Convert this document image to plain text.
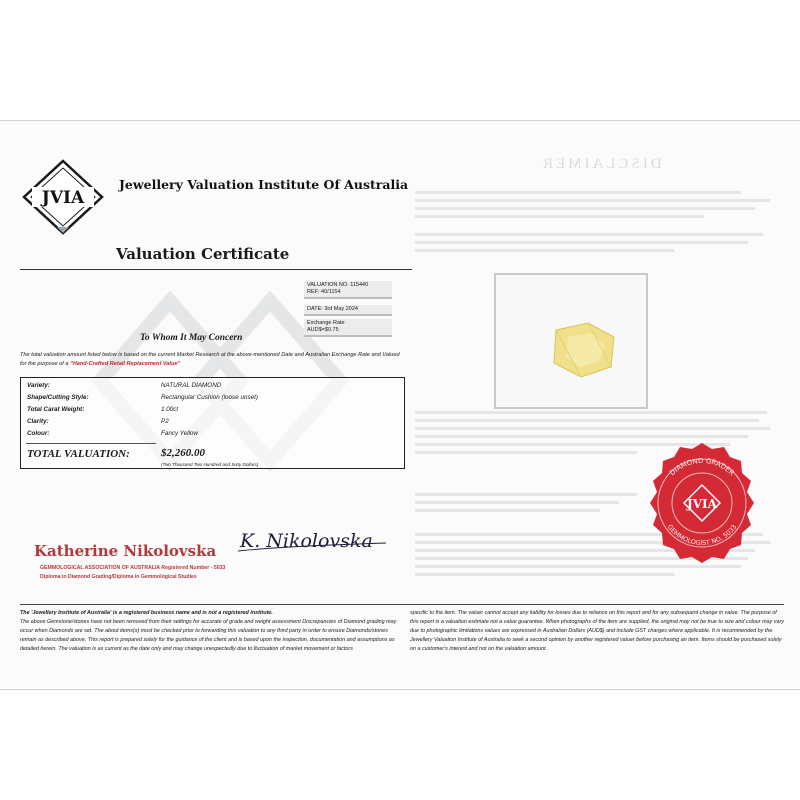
DISCLAIMER
JVIA
Jewellery Valuation Institute Of Australia
Valuation Certificate
VALUATION NO. 115440
REF: 40/1154
DATE: 3rd May 2024
Exchange Rate
AUD$=$0.75
To Whom It May Concern
The total valuation amount listed below is based on the current Market Research at the above-mentioned Date and Australian Exchange Rate and Valued for the purpose of a "Hand-Crafted Retail Replacement Value"
Variety:	NATURAL DIAMOND
Shape/Cutting Style:	Rectangular Cushion (loose unset)
Total Carat Weight:	1.00ct
Clarity:	P2
Colour:	Fancy Yellow
TOTAL VALUATION:	$2,260.00
(Two Thousand Two Hundred and Sixty Dollars)
DIAMOND GRADER
GEMMOLOGIST NO. 5033
JVIA
K. Nikolovska
Katherine Nikolovska
GEMMOLOGICAL ASSOCIATION OF AUSTRALIA Registered Number - 5033
Diploma in Diamond Grading/Diploma in Gemmological Studies
The 'Jewellery Institute of Australia' is a registered business name and is not a registered institute.
The above Gemstone/stones have not been removed from their settings for accurate of grade and weight assessment Discrepancies of Diamond grading may occur when Diamonds are set. The about items(s) must be checked prior to forwarding this valuation to any third party in order to ensure Diamonds/stones remain as described above. This report is prepared solely for the guidance of the client and is based upon the inspection, documentation and assumptions as detailed herein. The valuation is as current as the date only and may change unexpectedly due to fluctuation of market movement or factors
specific to the item. The valuer cannot accept any liability for losses due to reliance on this report and for any subsequent change in value. The purpose of this report is a valuation estimate not a value guarantee. When photographs of the item are supplied, the original may not be true to size and colour may vary due to photographic limitations values are expressed in Australian Dollars (AUD$) and include GST charges where applicable. It is recommended by the Jewellery Valuation Institute of Australia to seek a second opinion by another registered valuer before purchasing an item. Items should be purchased solely on a customer's interest and not on the valuation amount.
